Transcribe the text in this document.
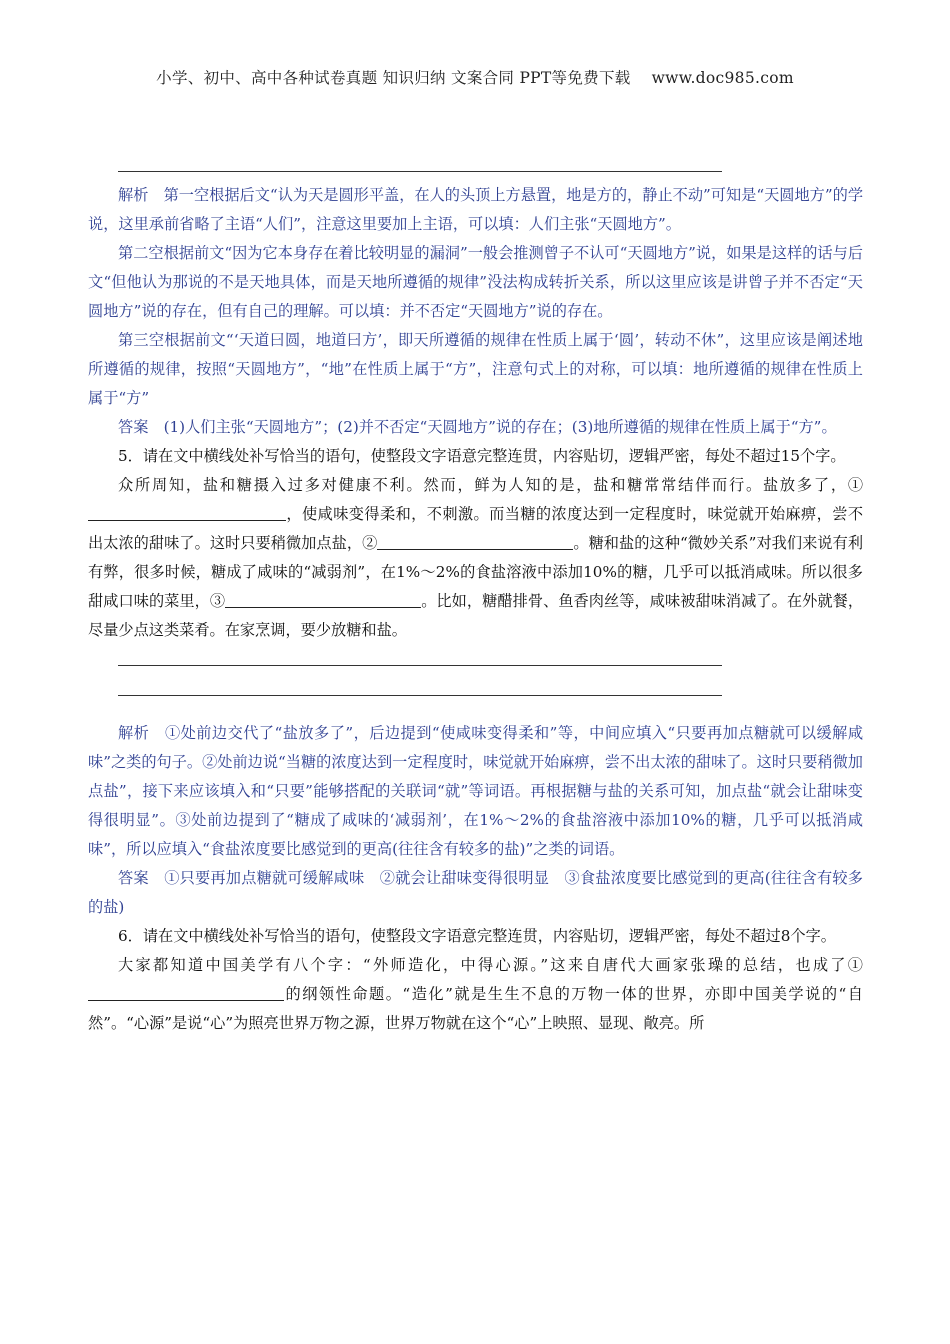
小学、初中、高中各种试卷真题 知识归纳 文案合同 PPT等免费下载　 www.doc985.com

解析　 第一空根据后文“认为天是圆形平盖，在人的头顶上方悬置，地是方的，静止不动”可知是“天圆地方”的学说，这里承前省略了主语“人们”，注意这里要加上主语，可以填：人们主张“天圆地方”。

第二空根据前文“因为它本身存在着比较明显的漏洞”一般会推测曾子不认可“天圆地方”说，如果是这样的话与后文“但他认为那说的不是天地具体，而是天地所遵循的规律”没法构成转折关系，所以这里应该是讲曾子并不否定“天圆地方”说的存在，但有自己的理解。可以填：并不否定“天圆地方”说的存在。

第三空根据前文“‘天道曰圆，地道曰方’，即天所遵循的规律在性质上属于‘圆’，转动不休”，这里应该是阐述地所遵循的规律，按照“天圆地方”，“地”在性质上属于“方”，注意句式上的对称，可以填：地所遵循的规律在性质上属于“方”

答案　 (1)人们主张“天圆地方”；(2)并不否定“天圆地方”说的存在；(3)地所遵循的规律在性质上属于“方”。

5．请在文中横线处补写恰当的语句，使整段文字语意完整连贯，内容贴切，逻辑严密，每处不超过15个字。

众所周知，盐和糖摄入过多对健康不利。然而，鲜为人知的是，盐和糖常常结伴而行。盐放多了，①，使咸味变得柔和，不刺激。而当糖的浓度达到一定程度时，味觉就开始麻痹，尝不出太浓的甜味了。这时只要稍微加点盐，②	。糖和盐的这种“微妙关系”对我们来说有利有弊，很多时候，糖成了咸味的“减弱剂”，在1%～2%的食盐溶液中添加10%的糖，几乎可以抵消咸味。所以很多甜咸口味的菜里，③	。比如，糖醋排骨、鱼香肉丝等，咸味被甜味消减了。在外就餐，尽量少点这类菜肴。在家烹调，要少放糖和盐。

解析　 ①处前边交代了“盐放多了”，后边提到“使咸味变得柔和”等，中间应填入“只要再加点糖就可以缓解咸味”之类的句子。②处前边说“当糖的浓度达到一定程度时，味觉就开始麻痹，尝不出太浓的甜味了。这时只要稍微加点盐”，接下来应该填入和“只要”能够搭配的关联词“就”等词语。再根据糖与盐的关系可知，加点盐“就会让甜味变得很明显”。③处前边提到了“糖成了咸味的‘减弱剂’，在1%～2%的食盐溶液中添加10%的糖，几乎可以抵消咸味”，所以应填入“食盐浓度要比感觉到的更高(往往含有较多的盐)”之类的词语。

答案　 ①只要再加点糖就可缓解咸味　②就会让甜味变得很明显　③食盐浓度要比感觉到的更高(往往含有较多的盐)

6．请在文中横线处补写恰当的语句，使整段文字语意完整连贯，内容贴切，逻辑严密，每处不超过8个字。

大家都知道中国美学有八个字：“外师造化，中得心源。”这来自唐代大画家张璪的总结，也成了①的纲领性命题。“造化”就是生生不息的万物一体的世界，亦即中国美学说的“自然”。“心源”是说“心”为照亮世界万物之源，世界万物就在这个“心”上映照、显现、敞亮。所
